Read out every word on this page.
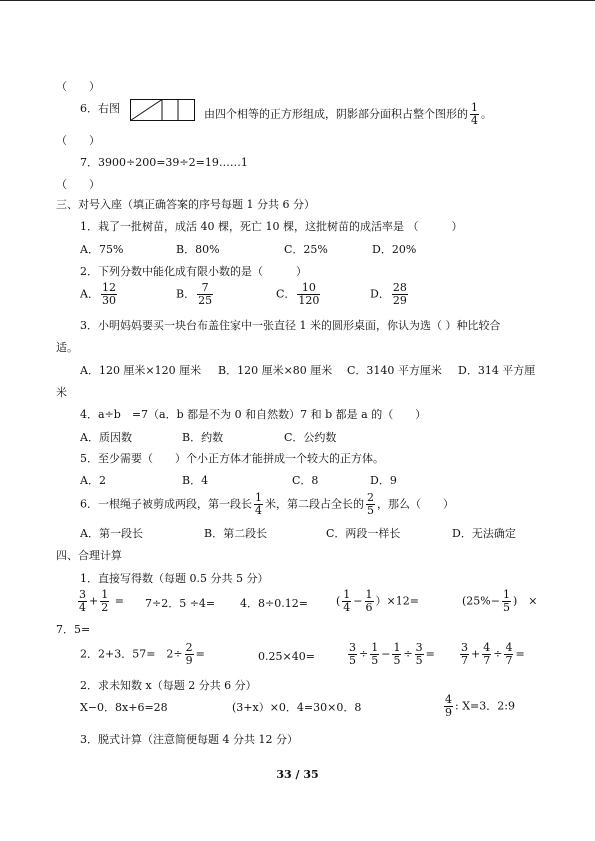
（　　）
6．右图	由四个相等的正方形组成，阴影部分面积占整个图形的 $\frac{1}{4}$ 。
（　　）
7．3900÷200=39÷2=19……1
（　　）
三、对号入座（填正确答案的序号每题 1 分共 6 分）
1．栽了一批树苗，成活 40 棵，死亡 10 棵，这批树苗的成活率是 （　　　）
A．75%	B．80%	C．25%	D．20%
2．下列分数中能化成有限小数的是（　　　）
A． $\frac{12}{30}$	B． $\frac{7}{25}$	C． $\frac{10}{120}$	D． $\frac{28}{29}$
3．小明妈妈要买一块台布盖住家中一张直径 1 米的圆形桌面，你认为选（ ）种比较合
适。
A．120 厘米×120 厘米 B．120 厘米×80 厘米 C．3140 平方厘米 D．314 平方厘
米
4．a÷b　=7（a．b 都是不为 0 和自然数）7 和 b 都是 a 的（　　）
A．质因数	B．约数	C．公约数
5．至少需要（　　）个小正方体才能拼成一个较大的正方体。
A．2	B．4	C．8	D．9
6．一根绳子被剪成两段，第一段长 $\frac{1}{4}$ 米，第二段占全长的 $\frac{2}{5}$ ，那么（　　）
A．第一段长	B．第二段长	C．两段一样长	D．无法确定
四、合理计算
1．直接写得数（每题 0.5 分共 5 分）
$\frac{3}{4} + \frac{1}{2} = 7\div 2$．5 ÷4= 4．8÷0.12=	( $\frac{1}{4} - \frac{1}{6} )\times 12=$	($25\%- \frac{1}{5}$ )　×
7．5=
2．2+3．57=　$2\div \frac{2}{9}$ =	0.25×40=	$\frac{3}{5} \div \frac{1}{5} - \frac{1}{5} \div \frac{3}{5} = \frac{3}{7} + \frac{4}{7} \div \frac{4}{7}$ =
2．求未知数 x（每题 2 分共 6 分）
X−0．8x+6=28	(3+x）×0．4=30×0．8	$\frac{4}{9}$ : X=3．2:9
3．脱式计算（注意简便每题 4 分共 12 分）
33 / 35
